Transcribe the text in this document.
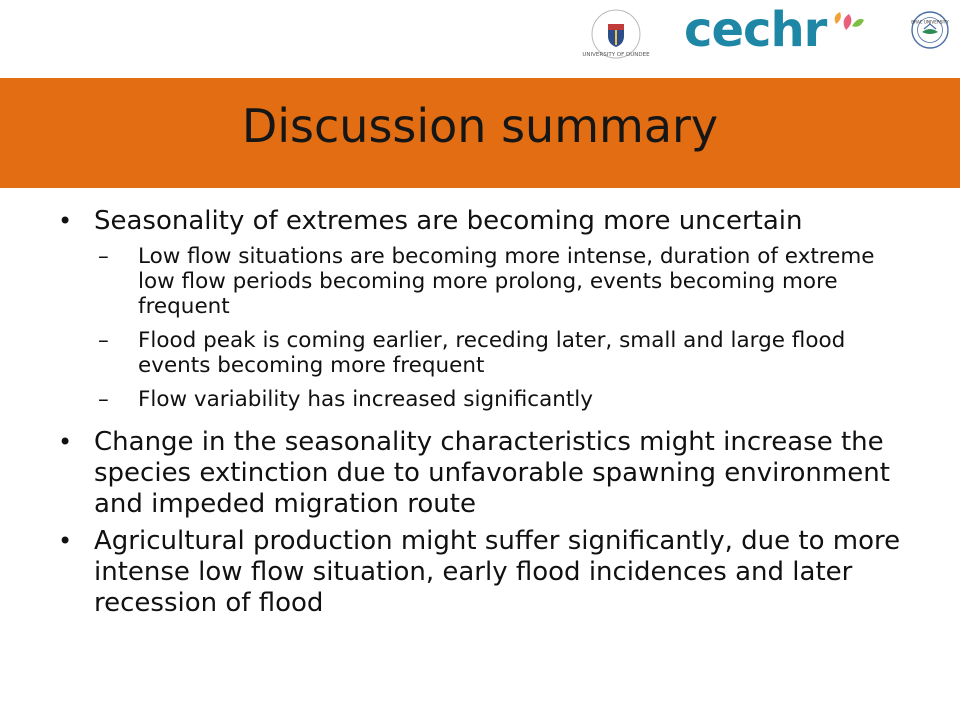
UNIVERSITY OF DUNDEE cechr	BRAC UNIVERSITY
Discussion summary
• Seasonality of extremes are becoming more uncertain
– Low flow situations are becoming more intense, duration of extreme low flow periods becoming more prolong, events becoming more frequent
– Flood peak is coming earlier, receding later, small and large flood events becoming more frequent
– Flow variability has increased significantly
• Change in the seasonality characteristics might increase the species extinction due to unfavorable spawning environment and impeded migration route
• Agricultural production might suffer significantly, due to more intense low flow situation, early flood incidences and later recession of flood
